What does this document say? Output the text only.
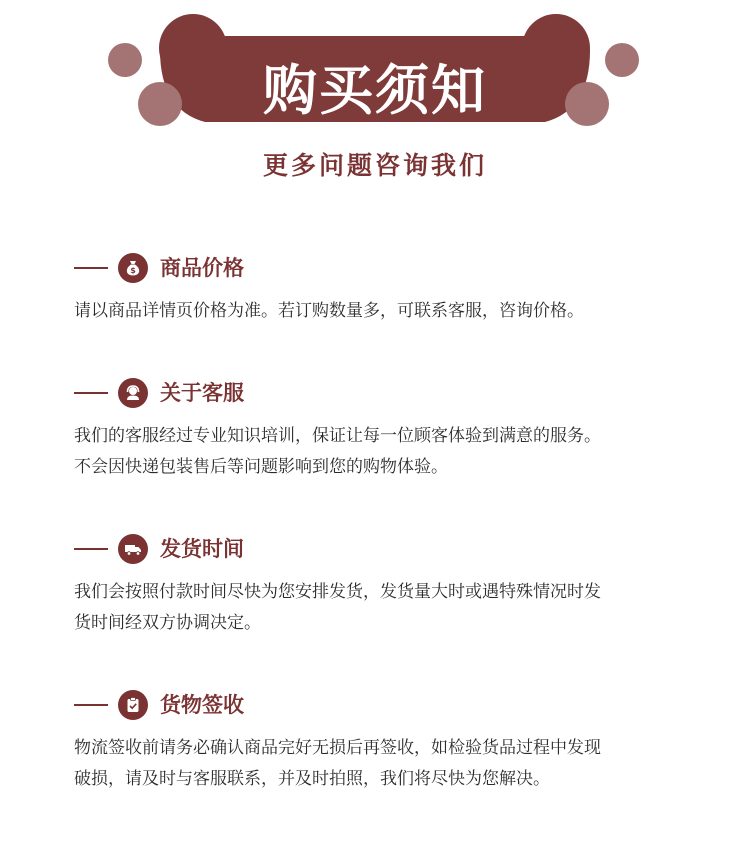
购买须知
更多问题咨询我们
$ 商品价格
请以商品详情页价格为准。若订购数量多，可联系客服，咨询价格。
关于客服
我们的客服经过专业知识培训，保证让每一位顾客体验到满意的服务。
不会因快递包装售后等问题影响到您的购物体验。
发货时间
我们会按照付款时间尽快为您安排发货，发货量大时或遇特殊情况时发
货时间经双方协调决定。
货物签收
物流签收前请务必确认商品完好无损后再签收，如检验货品过程中发现
破损，请及时与客服联系，并及时拍照，我们将尽快为您解决。
